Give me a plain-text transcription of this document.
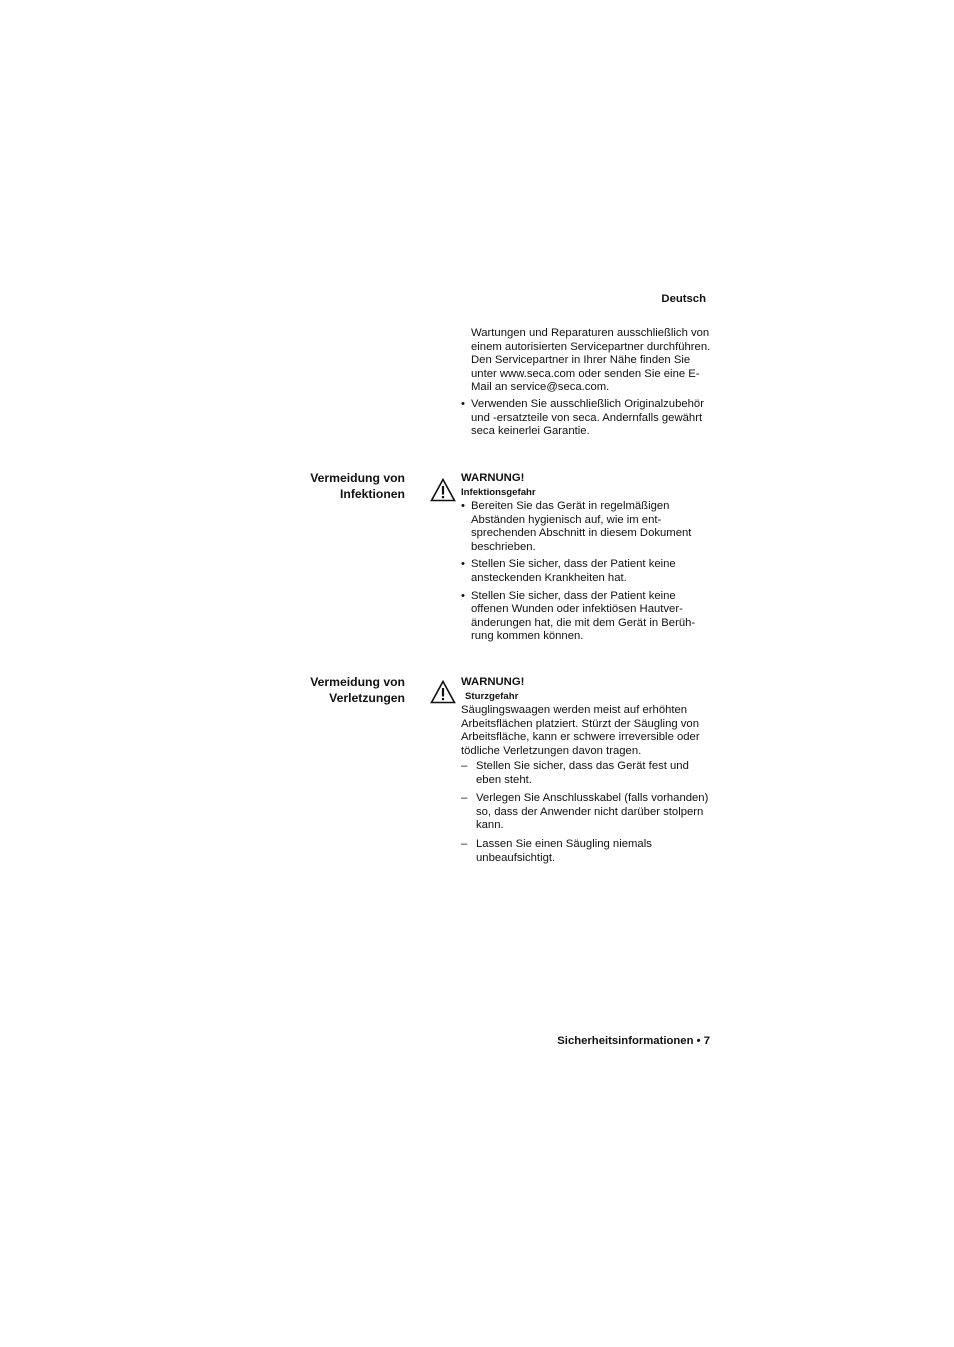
Deutsch
Wartungen und Reparaturen ausschließlich von einem autorisierten Servicepartner durchführen. Den Servicepartner in Ihrer Nähe finden Sie unter www.seca.com oder senden Sie eine E-Mail an service@seca.com.
• Verwenden Sie ausschließlich Originalzubehör und -ersatzteile von seca. Andernfalls gewährt seca keinerlei Garantie.
Vermeidung von
Infektionen
WARNUNG!
Infektionsgefahr
• Bereiten Sie das Gerät in regelmäßigen Abständen hygienisch auf, wie im ent-sprechenden Abschnitt in diesem Dokument beschrieben.
• Stellen Sie sicher, dass der Patient keine ansteckenden Krankheiten hat.
• Stellen Sie sicher, dass der Patient keine offenen Wunden oder infektiösen Hautver-änderungen hat, die mit dem Gerät in Berüh-rung kommen können.
Vermeidung von
Verletzungen
WARNUNG!
Sturzgefahr
Säuglingswaagen werden meist auf erhöhten Arbeitsflächen platziert. Stürzt der Säugling von Arbeitsfläche, kann er schwere irreversible oder tödliche Verletzungen davon tragen.
– Stellen Sie sicher, dass das Gerät fest und eben steht.
– Verlegen Sie Anschlusskabel (falls vorhanden) so, dass der Anwender nicht darüber stolpern kann.
– Lassen Sie einen Säugling niemals unbeaufsichtigt.
Sicherheitsinformationen • 7
